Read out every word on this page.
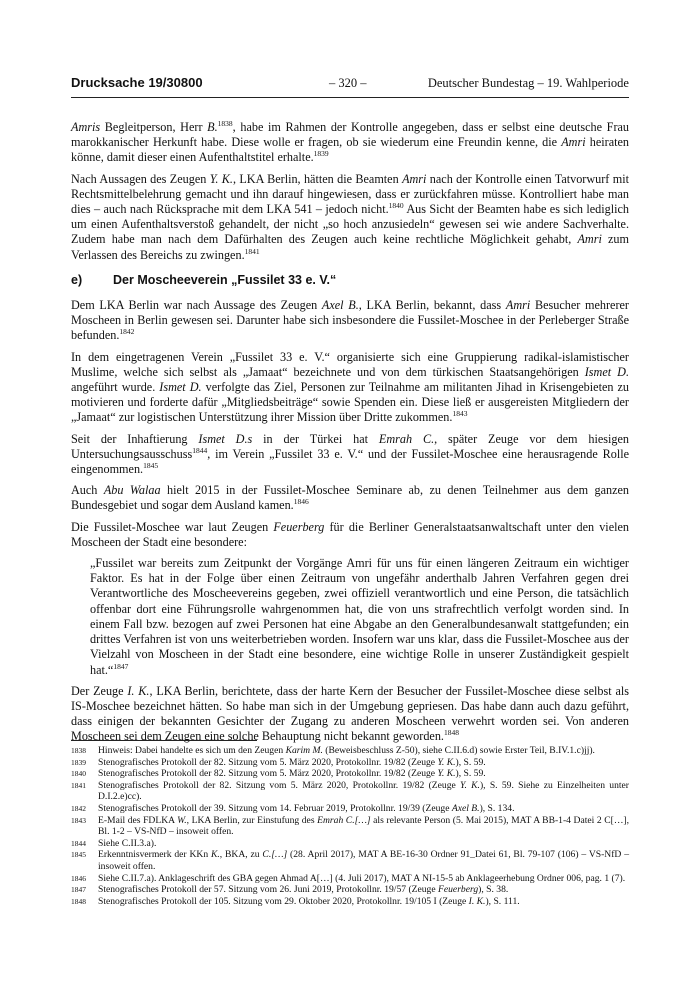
Drucksache 19/30800	– 320 –	Deutscher Bundestag – 19. Wahlperiode

Amris Begleitperson, Herr B.$^{1838}$, habe im Rahmen der Kontrolle angegeben, dass er selbst eine deutsche Frau marokkanischer Herkunft habe. Diese wolle er fragen, ob sie wiederum eine Freundin kenne, die Amri heiraten könne, damit dieser einen Aufenthaltstitel erhalte.$^{1839}$

Nach Aussagen des Zeugen Y. K., LKA Berlin, hätten die Beamten Amri nach der Kontrolle einen Tatvorwurf mit Rechtsmittelbelehrung gemacht und ihn darauf hingewiesen, dass er zurückfahren müsse. Kontrolliert habe man dies – auch nach Rücksprache mit dem LKA 541 – jedoch nicht.$^{1840}$ Aus Sicht der Beamten habe es sich lediglich um einen Aufenthaltsverstoß gehandelt, der nicht „so hoch anzusiedeln“ gewesen sei wie andere Sachverhalte. Zudem habe man nach dem Dafürhalten des Zeugen auch keine rechtliche Möglichkeit gehabt, Amri zum Verlassen des Bereichs zu zwingen.$^{1841}$

e) Der Moscheeverein „Fussilet 33 e. V.“

Dem LKA Berlin war nach Aussage des Zeugen Axel B., LKA Berlin, bekannt, dass Amri Besucher mehrerer Moscheen in Berlin gewesen sei. Darunter habe sich insbesondere die Fussilet-Moschee in der Perleberger Straße befunden.$^{1842}$

In dem eingetragenen Verein „Fussilet 33 e. V.“ organisierte sich eine Gruppierung radikal-islamistischer Muslime, welche sich selbst als „Jamaat“ bezeichnete und von dem türkischen Staatsangehörigen Ismet D. angeführt wurde. Ismet D. verfolgte das Ziel, Personen zur Teilnahme am militanten Jihad in Krisengebieten zu motivieren und forderte dafür „Mitgliedsbeiträge“ sowie Spenden ein. Diese ließ er ausgereisten Mitgliedern der „Jamaat“ zur logistischen Unterstützung ihrer Mission über Dritte zukommen.$^{1843}$

Seit der Inhaftierung Ismet D.s in der Türkei hat Emrah C., später Zeuge vor dem hiesigen Untersuchungsausschuss$^{1844}$, im Verein „Fussilet 33 e. V.“ und der Fussilet-Moschee eine herausragende Rolle eingenommen.$^{1845}$

Auch Abu Walaa hielt 2015 in der Fussilet-Moschee Seminare ab, zu denen Teilnehmer aus dem ganzen Bundesgebiet und sogar dem Ausland kamen.$^{1846}$

Die Fussilet-Moschee war laut Zeugen Feuerberg für die Berliner Generalstaatsanwaltschaft unter den vielen Moscheen der Stadt eine besondere:

„Fussilet war bereits zum Zeitpunkt der Vorgänge Amri für uns für einen längeren Zeitraum ein wichtiger Faktor. Es hat in der Folge über einen Zeitraum von ungefähr anderthalb Jahren Verfahren gegen drei Verantwortliche des Moscheevereins gegeben, zwei offiziell verantwortlich und eine Person, die tatsächlich offenbar dort eine Führungsrolle wahrgenommen hat, die von uns strafrechtlich verfolgt worden sind. In einem Fall bzw. bezogen auf zwei Personen hat eine Abgabe an den Generalbundesanwalt stattgefunden; ein drittes Verfahren ist von uns weiterbetrieben worden. Insofern war uns klar, dass die Fussilet-Moschee aus der Vielzahl von Moscheen in der Stadt eine besondere, eine wichtige Rolle in unserer Zuständigkeit gespielt hat.“$^{1847}$

Der Zeuge I. K., LKA Berlin, berichtete, dass der harte Kern der Besucher der Fussilet-Moschee diese selbst als IS-Moschee bezeichnet hätten. So habe man sich in der Umgebung gepriesen. Das habe dann auch dazu geführt, dass einigen der bekannten Gesichter der Zugang zu anderen Moscheen verwehrt worden sei. Von anderen Moscheen sei dem Zeugen eine solche Behauptung nicht bekannt geworden.$^{1848}$

1838	Hinweis: Dabei handelte es sich um den Zeugen Karim M. (Beweisbeschluss Z-50), siehe C.II.6.d) sowie Erster Teil, B.IV.1.c)jj).
1839	Stenografisches Protokoll der 82. Sitzung vom 5. März 2020, Protokollnr. 19/82 (Zeuge Y. K.), S. 59.
1840	Stenografisches Protokoll der 82. Sitzung vom 5. März 2020, Protokollnr. 19/82 (Zeuge Y. K.), S. 59.
1841	Stenografisches Protokoll der 82. Sitzung vom 5. März 2020, Protokollnr. 19/82 (Zeuge Y. K.), S. 59. Siehe zu Einzelheiten unter D.I.2.e)cc).
1842	Stenografisches Protokoll der 39. Sitzung vom 14. Februar 2019, Protokollnr. 19/39 (Zeuge Axel B.), S. 134.
1843	E-Mail des FDLKA W., LKA Berlin, zur Einstufung des Emrah C.[…] als relevante Person (5. Mai 2015), MAT A BB-1-4 Datei 2 C[…], Bl. 1-2 – VS-NfD – insoweit offen.
1844	Siehe C.II.3.a).
1845	Erkenntnisvermerk der KKn K., BKA, zu C.[…] (28. April 2017), MAT A BE-16-30 Ordner 91_Datei 61, Bl. 79-107 (106) – VS-NfD – insoweit offen.
1846	Siehe C.II.7.a). Anklageschrift des GBA gegen Ahmad A[…] (4. Juli 2017), MAT A NI-15-5 ab Anklageerhebung Ordner 006, pag. 1 (7).
1847	Stenografisches Protokoll der 57. Sitzung vom 26. Juni 2019, Protokollnr. 19/57 (Zeuge Feuerberg), S. 38.
1848	Stenografisches Protokoll der 105. Sitzung vom 29. Oktober 2020, Protokollnr. 19/105 I (Zeuge I. K.), S. 111.
